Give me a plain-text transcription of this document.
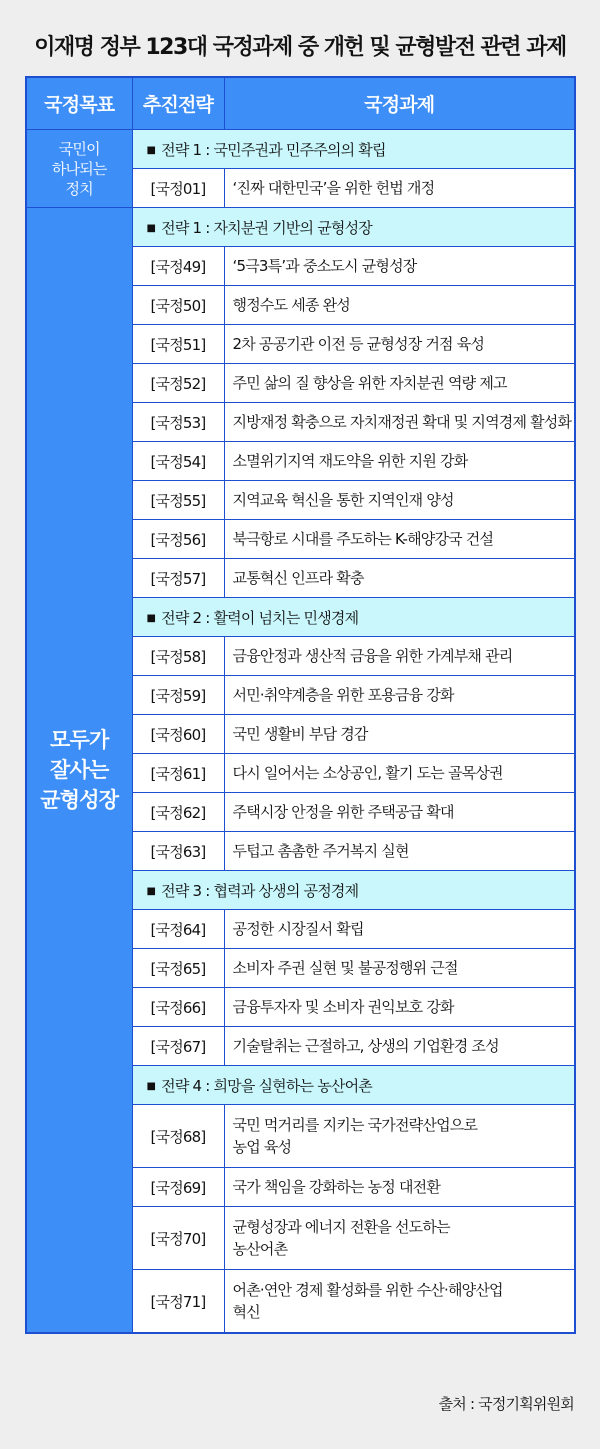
이재명 정부 123대 국정과제 중 개헌 및 균형발전 관련 과제
국정목표	추진전략	국정과제

국민이
하나되는
정치	■ 전략 1 : 국민주권과 민주주의의 확립	
	[국정01]	‘진짜 대한민국’을 위한 헌법 개정

모두가
잘사는
균형성장	■ 전략 1 : 자치분권 기반의 균형성장	
	[국정49]	‘5극3특’과 중소도시 균형성장
	[국정50]	행정수도 세종 완성
	[국정51]	2차 공공기관 이전 등 균형성장 거점 육성
	[국정52]	주민 삶의 질 향상을 위한 자치분권 역량 제고
	[국정53]	지방재정 확충으로 자치재정권 확대 및 지역경제 활성화
	[국정54]	소멸위기지역 재도약을 위한 지원 강화
	[국정55]	지역교육 혁신을 통한 지역인재 양성
	[국정56]	북극항로 시대를 주도하는 K-해양강국 건설
	[국정57]	교통혁신 인프라 확충
	■ 전략 2 : 활력이 넘치는 민생경제	
	[국정58]	금융안정과 생산적 금융을 위한 가계부채 관리
	[국정59]	서민·취약계층을 위한 포용금융 강화
	[국정60]	국민 생활비 부담 경감
	[국정61]	다시 일어서는 소상공인, 활기 도는 골목상권
	[국정62]	주택시장 안정을 위한 주택공급 확대
	[국정63]	두텁고 촘촘한 주거복지 실현
	■ 전략 3 : 협력과 상생의 공정경제	
	[국정64]	공정한 시장질서 확립
	[국정65]	소비자 주권 실현 및 불공정행위 근절
	[국정66]	금융투자자 및 소비자 권익보호 강화
	[국정67]	기술탈취는 근절하고, 상생의 기업환경 조성
	■ 전략 4 : 희망을 실현하는 농산어촌	
	[국정68]	국민 먹거리를 지키는 국가전략산업으로
농업 육성

	[국정69]	국가 책임을 강화하는 농정 대전환
	[국정70]	균형성장과 에너지 전환을 선도하는
농산어촌

	[국정71]	어촌·연안 경제 활성화를 위한 수산·해양산업
혁신
출처 : 국정기획위원회
